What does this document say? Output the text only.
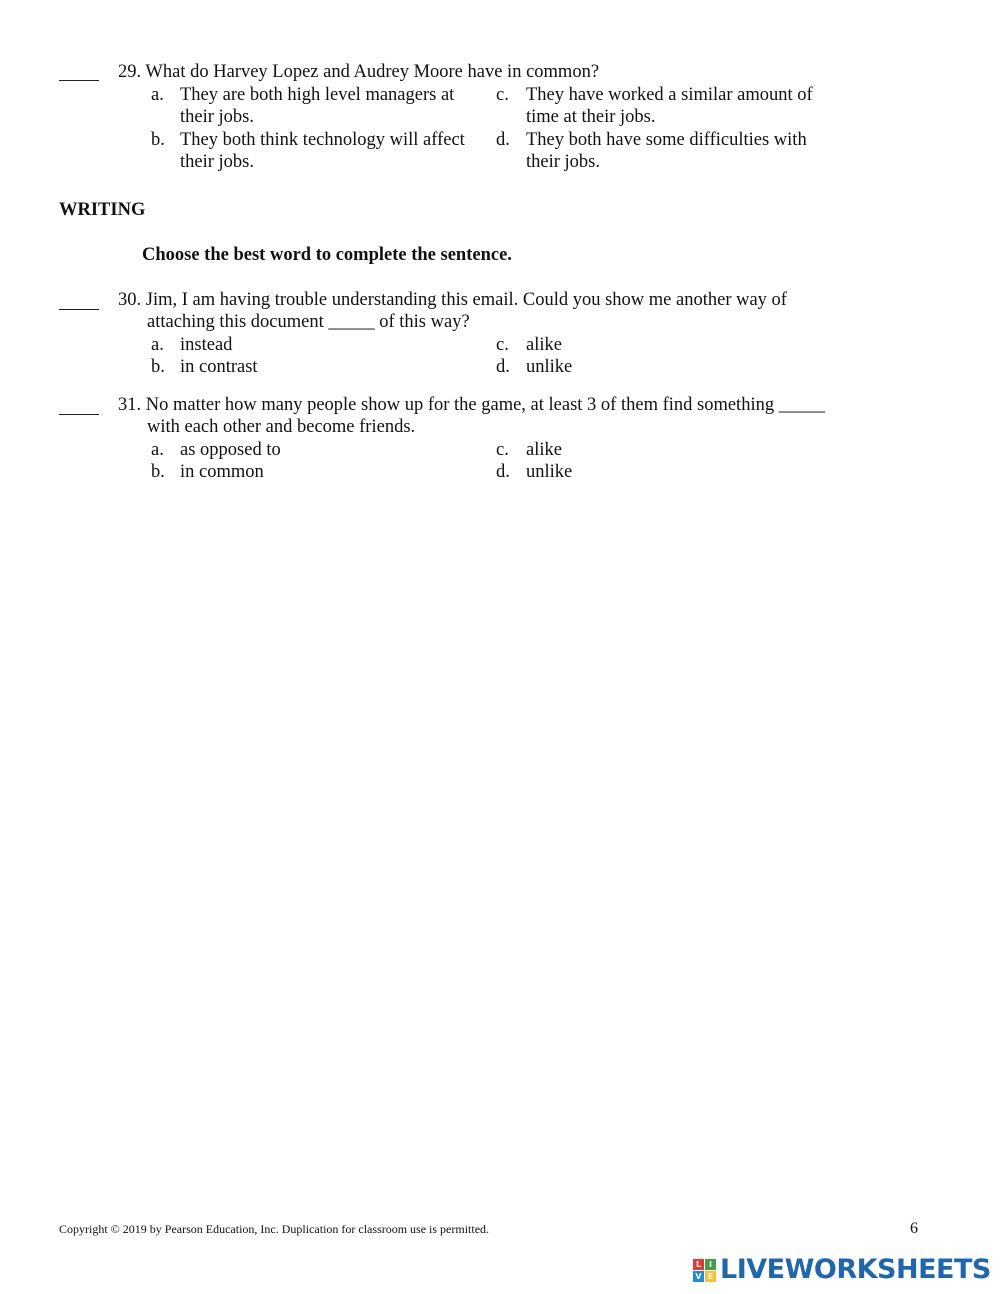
29. What do Harvey Lopez and Audrey Moore have in common?
a. They are both high level managers at
their jobs.
b. They both think technology will affect
their jobs.
c. They have worked a similar amount of
time at their jobs.
d. They both have some difficulties with
their jobs.
WRITING
Choose the best word to complete the sentence.
30. Jim, I am having trouble understanding this email. Could you show me another way of
attaching this document _____ of this way?
a. instead
b. in contrast
c. alike
d. unlike
31. No matter how many people show up for the game, at least 3 of them find something _____
with each other and become friends.
a. as opposed to
b. in common
c. alike
d. unlike
Copyright © 2019 by Pearson Education, Inc. Duplication for classroom use is permitted.	6
L I
V E LIVEWORKSHEETS
